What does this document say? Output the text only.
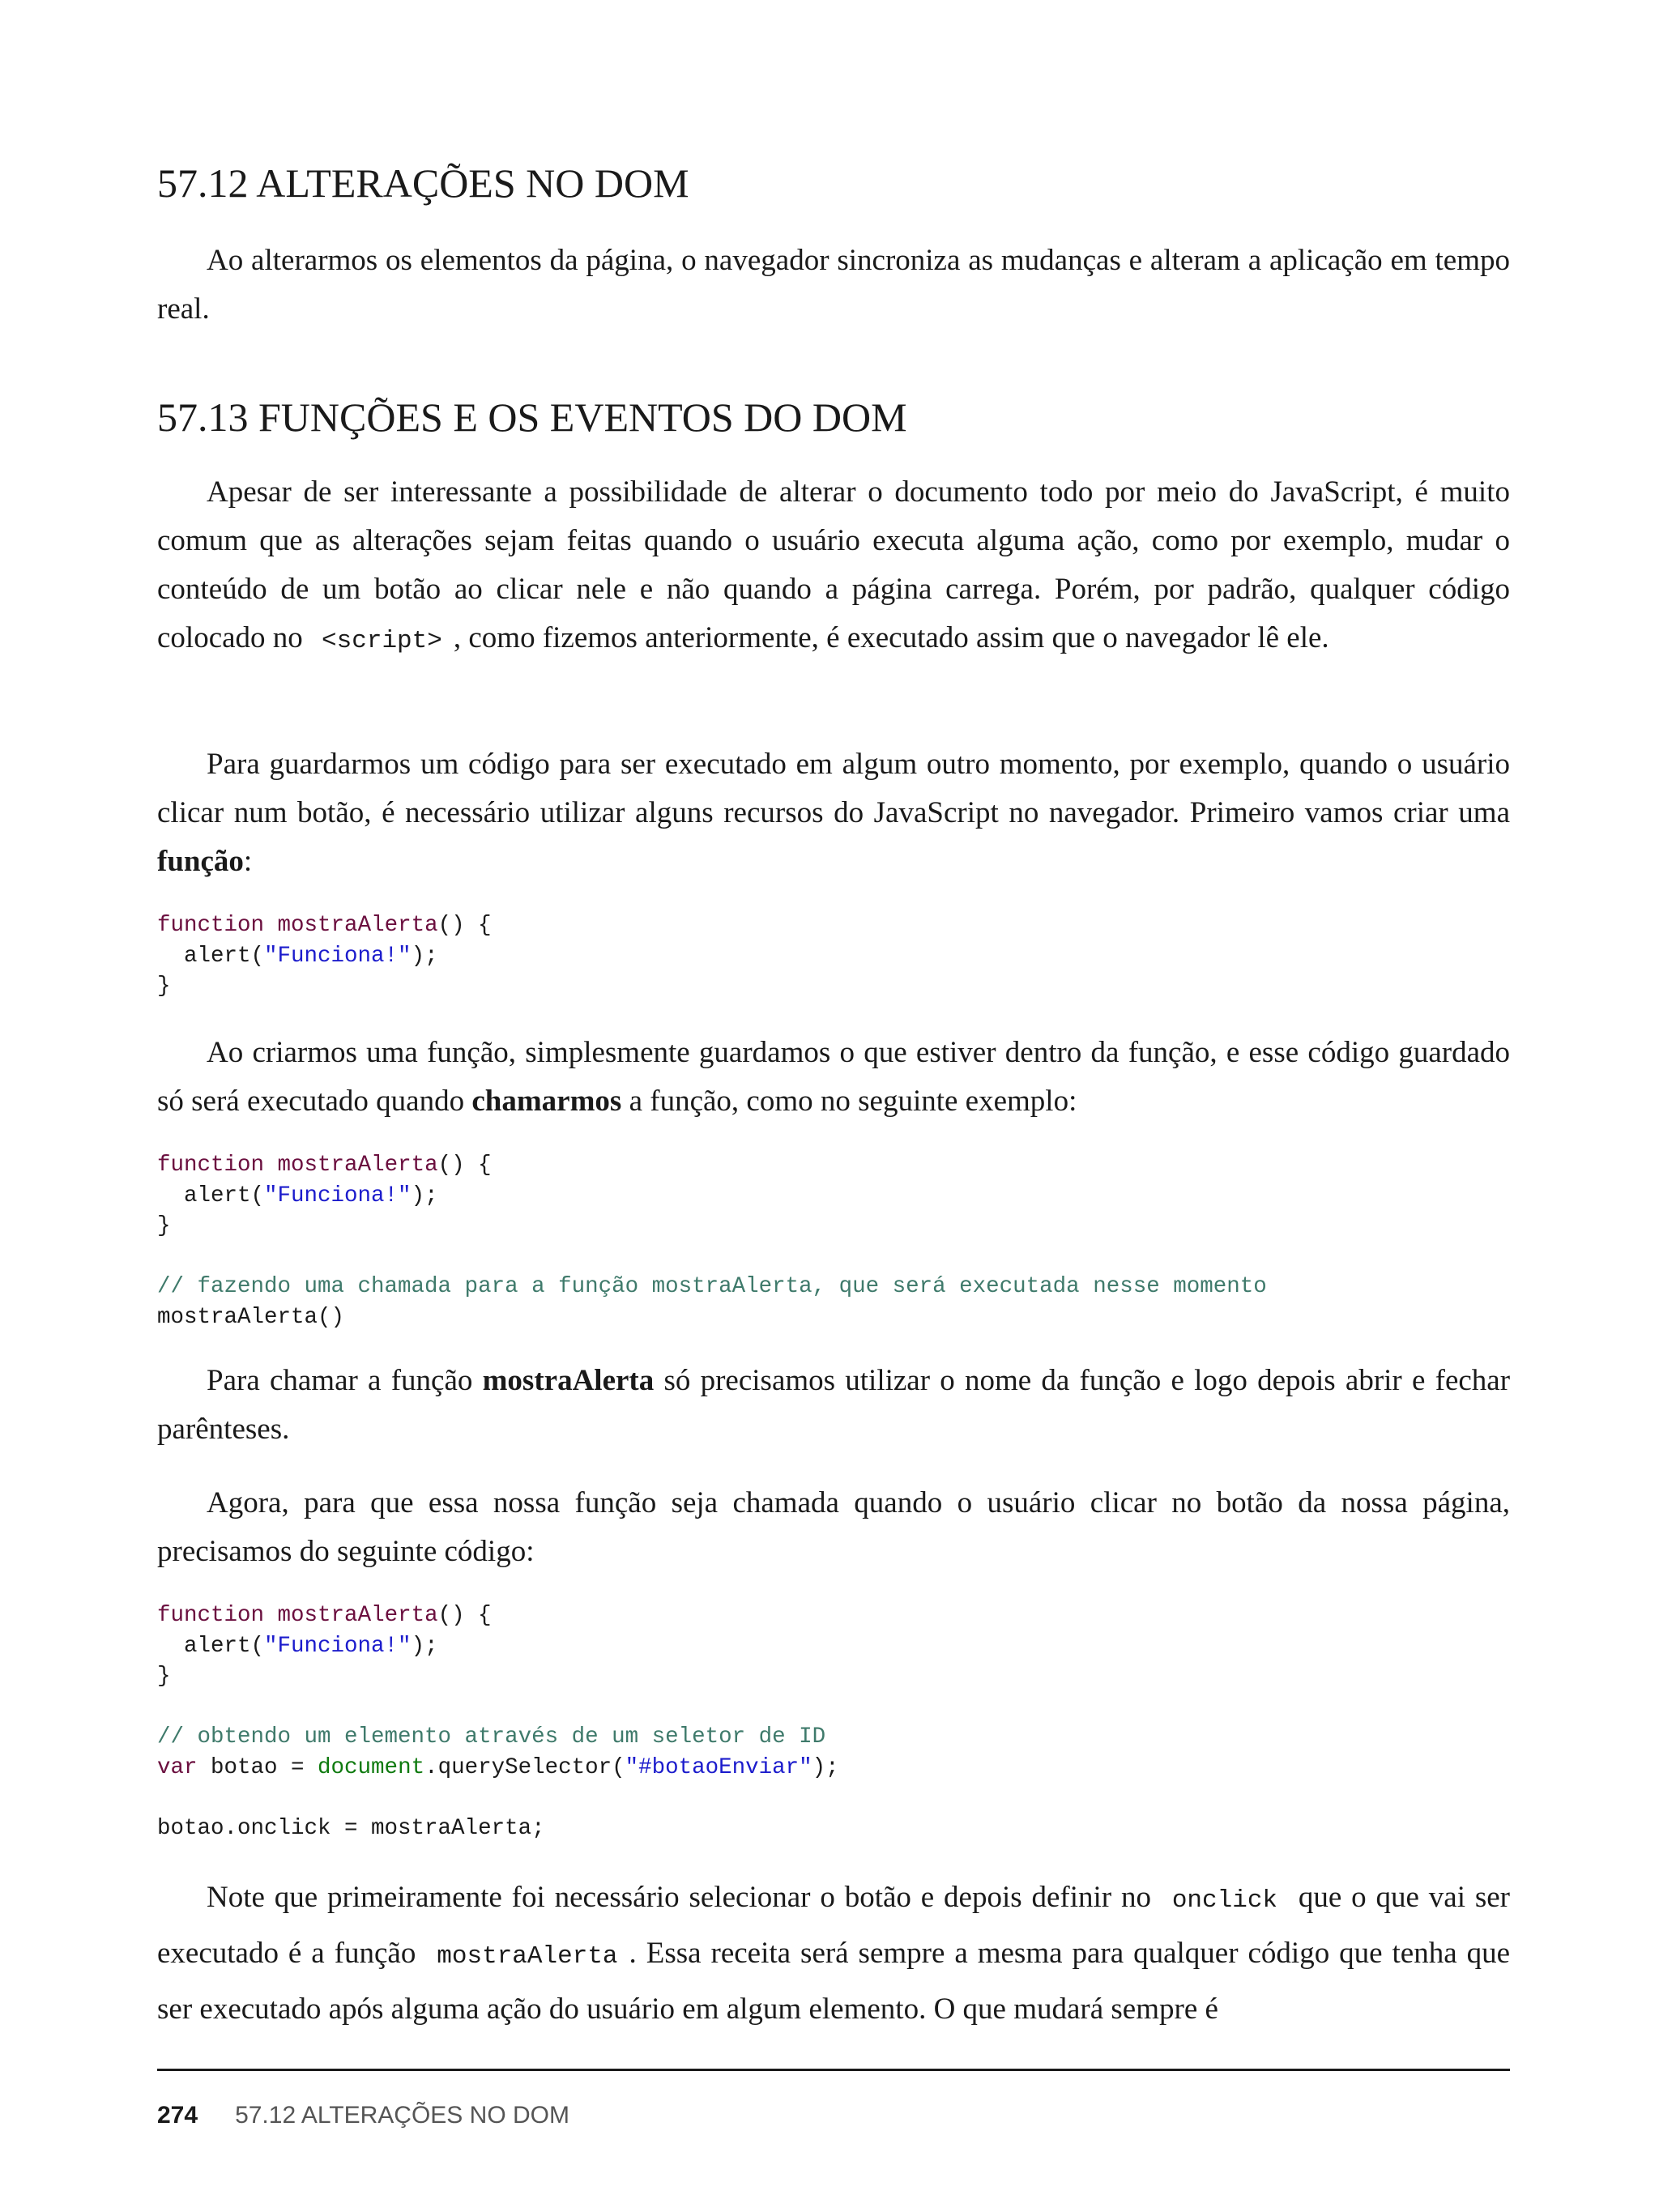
57.12 ALTERAÇÕES NO DOM

Ao alterarmos os elementos da página, o navegador sincroniza as mudanças e alteram a aplicação em tempo real.

57.13 FUNÇÕES E OS EVENTOS DO DOM

Apesar de ser interessante a possibilidade de alterar o documento todo por meio do JavaScript, é muito comum que as alterações sejam feitas quando o usuário executa alguma ação, como por exemplo, mudar o conteúdo de um botão ao clicar nele e não quando a página carrega. Porém, por padrão, qualquer código colocado no <script> , como fizemos anteriormente, é executado assim que o navegador lê ele.

Para guardarmos um código para ser executado em algum outro momento, por exemplo, quando o usuário clicar num botão, é necessário utilizar alguns recursos do JavaScript no navegador. Primeiro vamos criar uma função:

function mostraAlerta() {
alert("Funciona!");
}

Ao criarmos uma função, simplesmente guardamos o que estiver dentro da função, e esse código guardado só será executado quando chamarmos a função, como no seguinte exemplo:

function mostraAlerta() {
alert("Funciona!");
}

// fazendo uma chamada para a função mostraAlerta, que será executada nesse momento
mostraAlerta()

Para chamar a função mostraAlerta só precisamos utilizar o nome da função e logo depois abrir e fechar parênteses.

Agora, para que essa nossa função seja chamada quando o usuário clicar no botão da nossa página, precisamos do seguinte código:

function mostraAlerta() {
alert("Funciona!");
}

// obtendo um elemento através de um seletor de ID
var botao = document.querySelector("#botaoEnviar");

botao.onclick = mostraAlerta;

Note que primeiramente foi necessário selecionar o botão e depois definir no onclick que o que vai ser executado é a função mostraAlerta . Essa receita será sempre a mesma para qualquer código que tenha que ser executado após alguma ação do usuário em algum elemento. O que mudará sempre é

274 57.12 ALTERAÇÕES NO DOM
